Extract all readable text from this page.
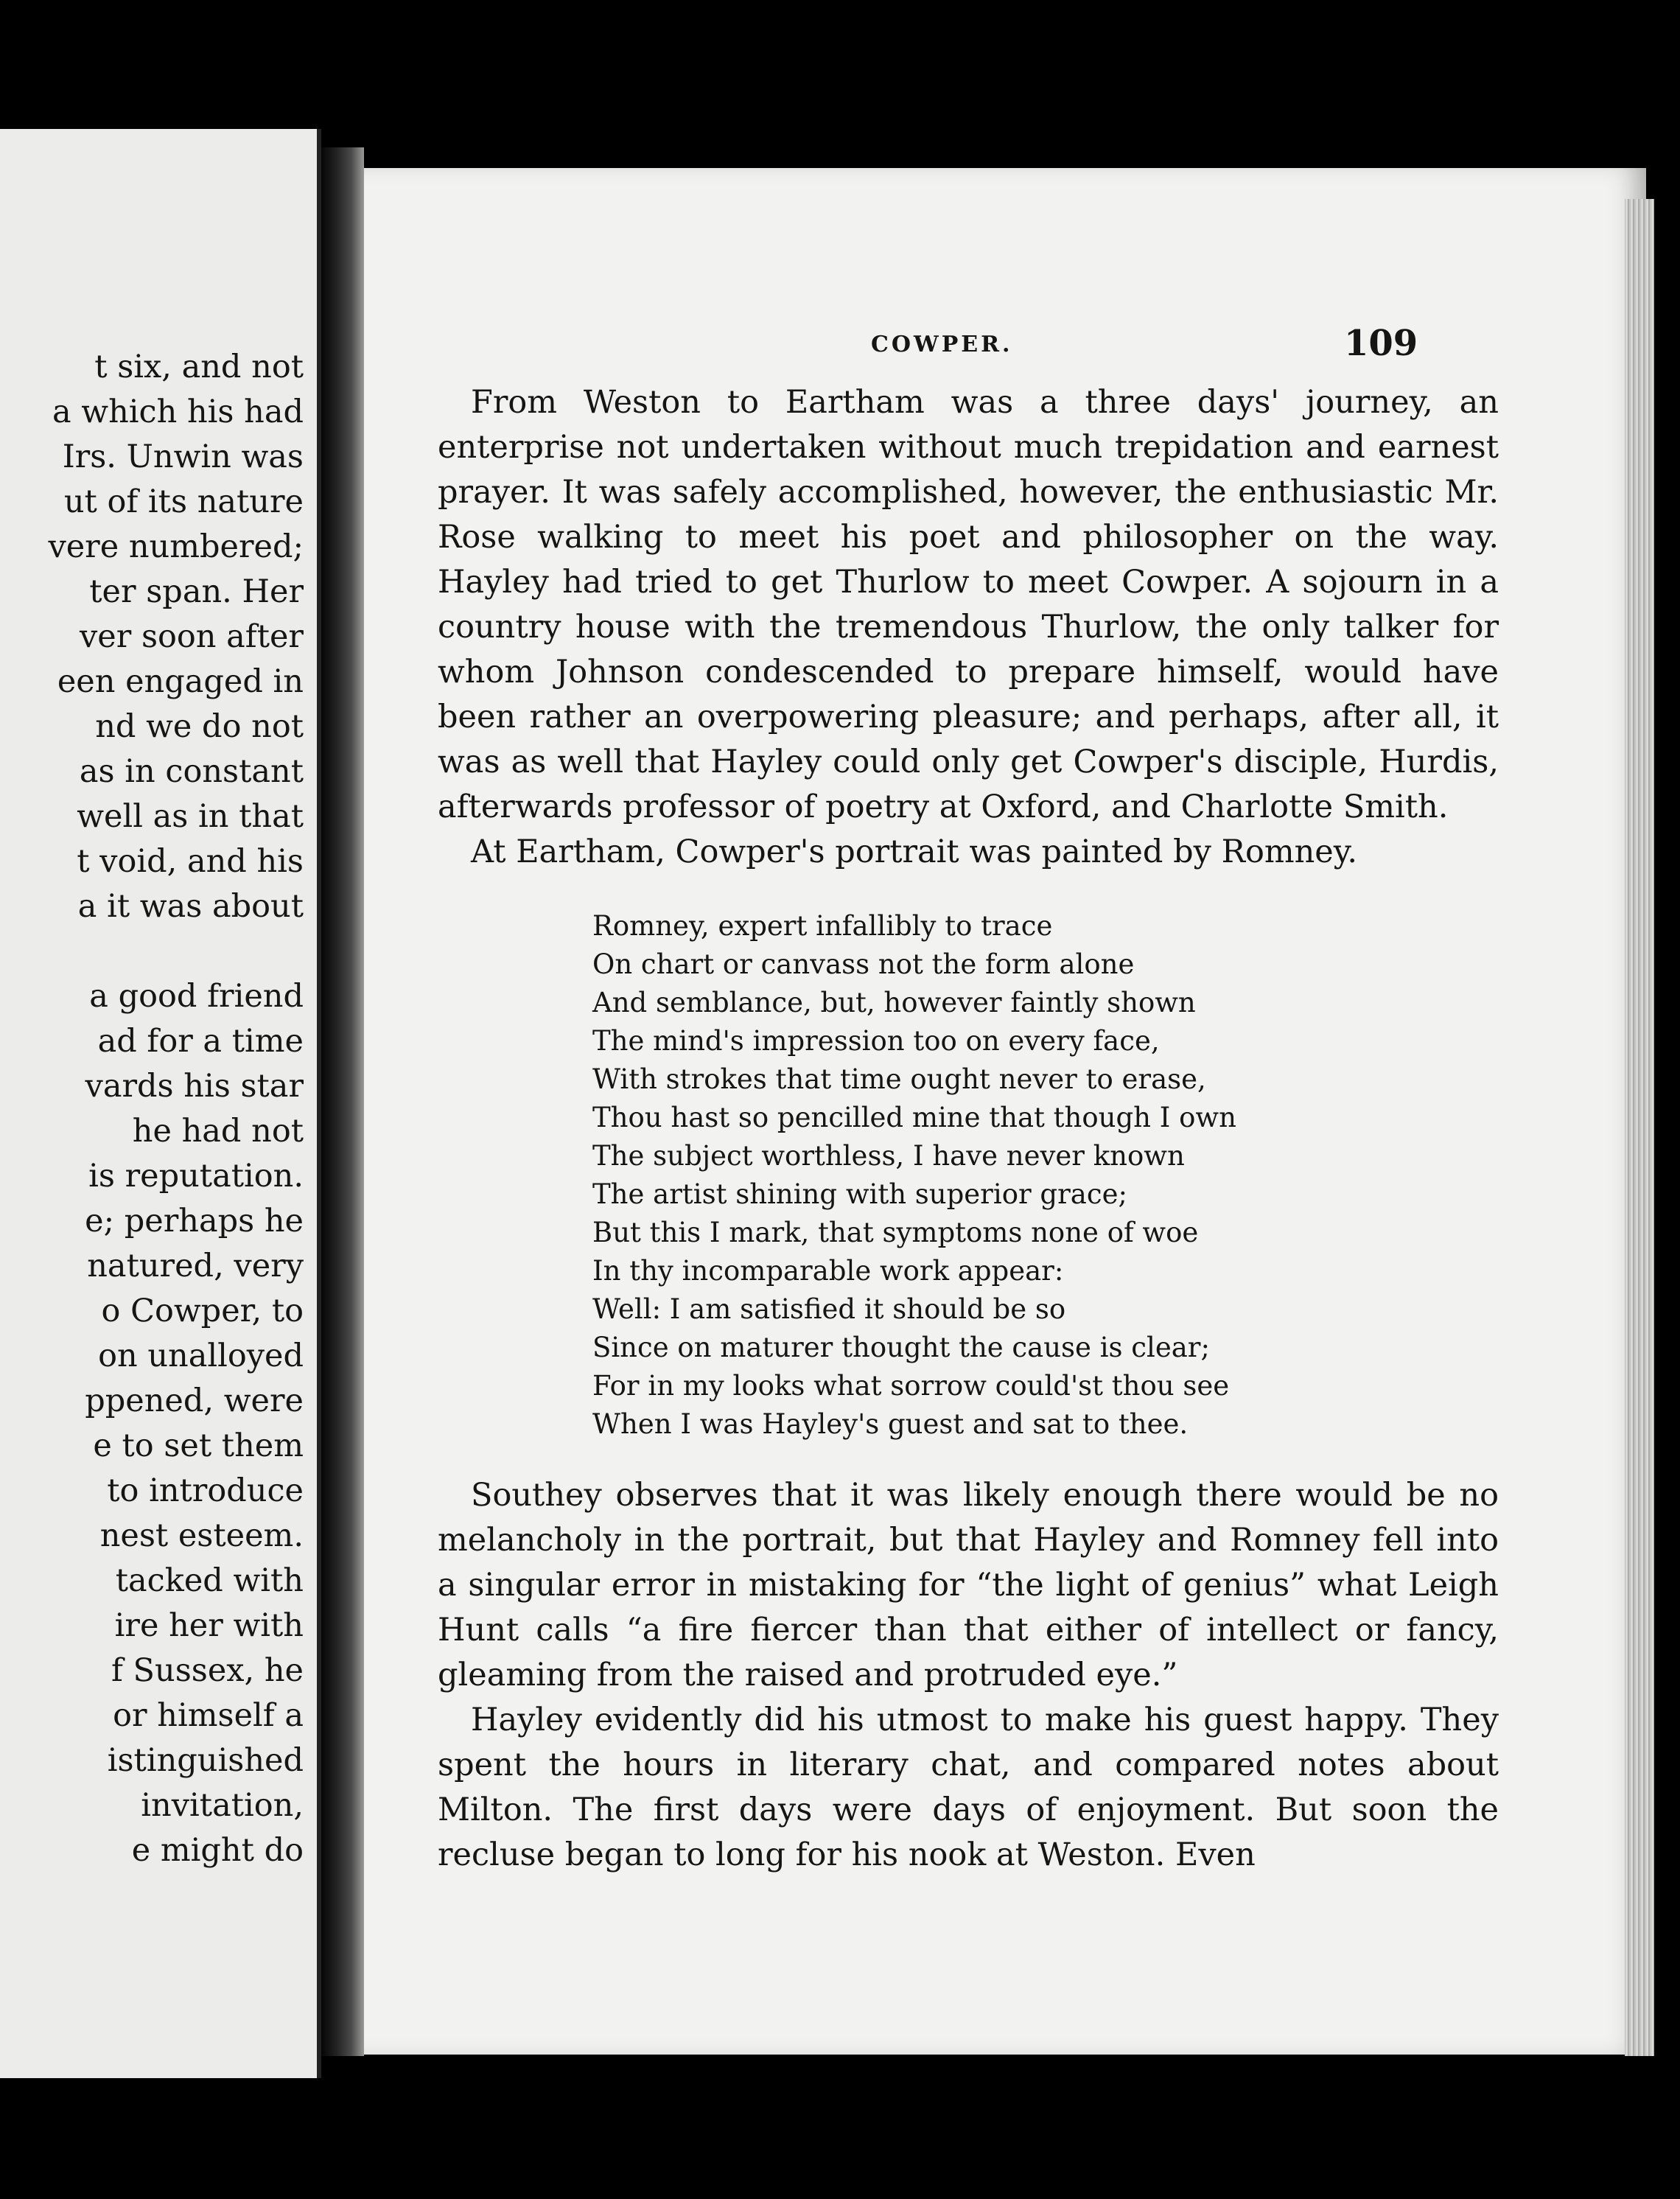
t six, and not
a which his had
Irs. Unwin was
ut of its nature
vere numbered;
ter span. Her
ver soon after
een engaged in
nd we do not
as in constant
well as in that
t void, and his
a it was about
a good friend
ad for a time
vards his star
he had not
is reputation.
e; perhaps he
natured, very
o Cowper, to
on unalloyed
ppened, were
e to set them
to introduce
nest esteem.
tacked with
ire her with
f Sussex, he
or himself a
istinguished
invitation,
e might do
COWPER.	109

From Weston to Eartham was a three days' journey, an enterprise not undertaken without much trepidation and earnest prayer. It was safely accomplished, however, the enthusiastic Mr. Rose walking to meet his poet and philosopher on the way. Hayley had tried to get Thurlow to meet Cowper. A sojourn in a country house with the tremendous Thurlow, the only talker for whom Johnson condescended to prepare himself, would have been rather an overpowering pleasure; and perhaps, after all, it was as well that Hayley could only get Cowper's disciple, Hurdis, afterwards professor of poetry at Oxford, and Charlotte Smith.

At Eartham, Cowper's portrait was painted by Romney.

Romney, expert infallibly to trace
On chart or canvass not the form alone
And semblance, but, however faintly shown
The mind's impression too on every face,
With strokes that time ought never to erase,
Thou hast so pencilled mine that though I own
The subject worthless, I have never known
The artist shining with superior grace;
But this I mark, that symptoms none of woe
In thy incomparable work appear:
Well: I am satisfied it should be so
Since on maturer thought the cause is clear;
For in my looks what sorrow could'st thou see
When I was Hayley's guest and sat to thee.

Southey observes that it was likely enough there would be no melancholy in the portrait, but that Hayley and Romney fell into a singular error in mistaking for “the light of genius” what Leigh Hunt calls “a fire fiercer than that either of intellect or fancy, gleaming from the raised and protruded eye.”

Hayley evidently did his utmost to make his guest happy. They spent the hours in literary chat, and compared notes about Milton. The first days were days of enjoyment. But soon the recluse began to long for his nook at Weston. Even
